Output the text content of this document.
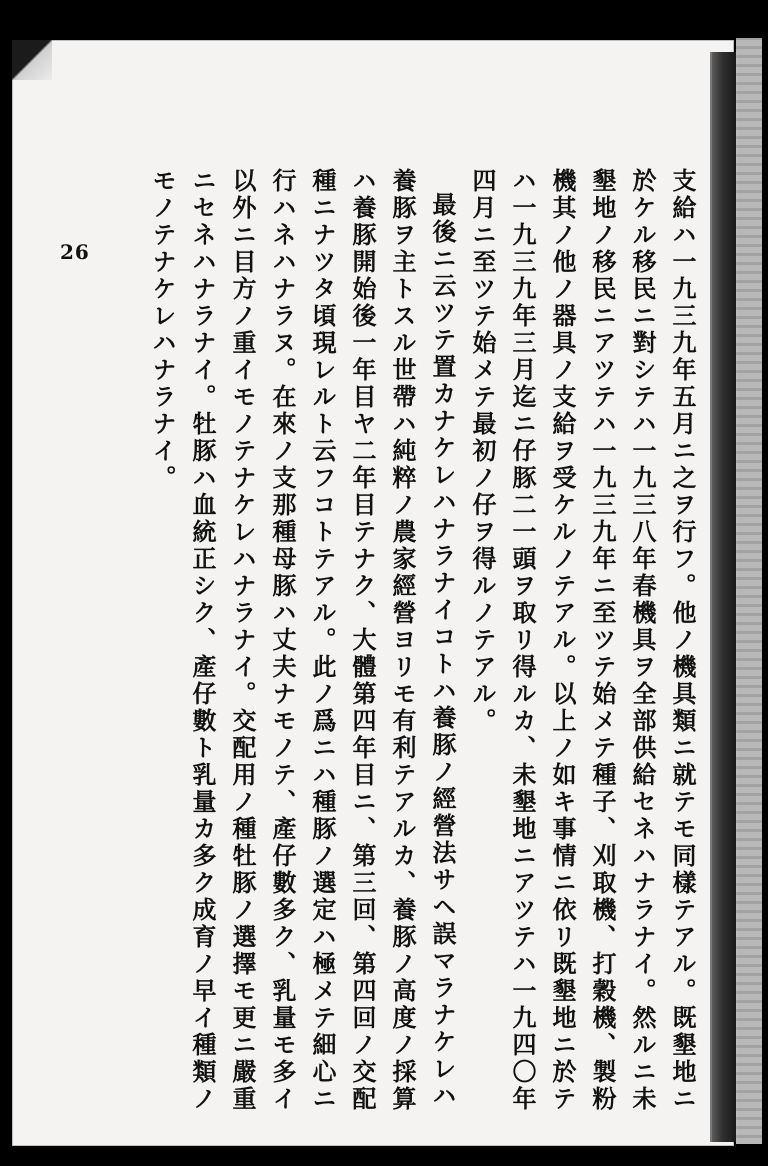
26	支給ハ一九三九年五月ニ之ヲ行フ。他ノ機具類ニ就テモ同樣テアル。既墾地ニ於ケル移民ニ對シテハ一九三八年春機具ヲ全部供給セネハナラナイ。然ルニ未墾地ノ移民ニアツテハ一九三九年ニ至ツテ始メテ種子、刈取機、打穀機、製粉機其ノ他ノ器具ノ支給ヲ受ケルノテアル。以上ノ如キ事情ニ依リ既墾地ニ於テハ一九三九年三月迄ニ仔豚二一頭ヲ取リ得ルカ、未墾地ニアツテハ一九四〇年四月ニ至ツテ始メテ最初ノ仔ヲ得ルノテアル。

最後ニ云ツテ置カナケレハナラナイコトハ養豚ノ經營法サヘ誤マラナケレハ養豚ヲ主トスル世帶ハ純粹ノ農家經營ヨリモ有利テアルカ、養豚ノ高度ノ採算ハ養豚開始後一年目ヤ二年目テナク、大體第四年目ニ、第三回、第四回ノ交配種ニナツタ頃現レルト云フコトテアル。此ノ爲ニハ種豚ノ選定ハ極メテ細心ニ行ハネハナラヌ。在來ノ支那種母豚ハ丈夫ナモノテ、產仔數多ク、乳量モ多イ以外ニ目方ノ重イモノテナケレハナラナイ。交配用ノ種牡豚ノ選擇モ更ニ嚴重ニセネハナラナイ。牡豚ハ血統正シク、產仔數ト乳量カ多ク成育ノ早イ種類ノモノテナケレハナラナイ。
